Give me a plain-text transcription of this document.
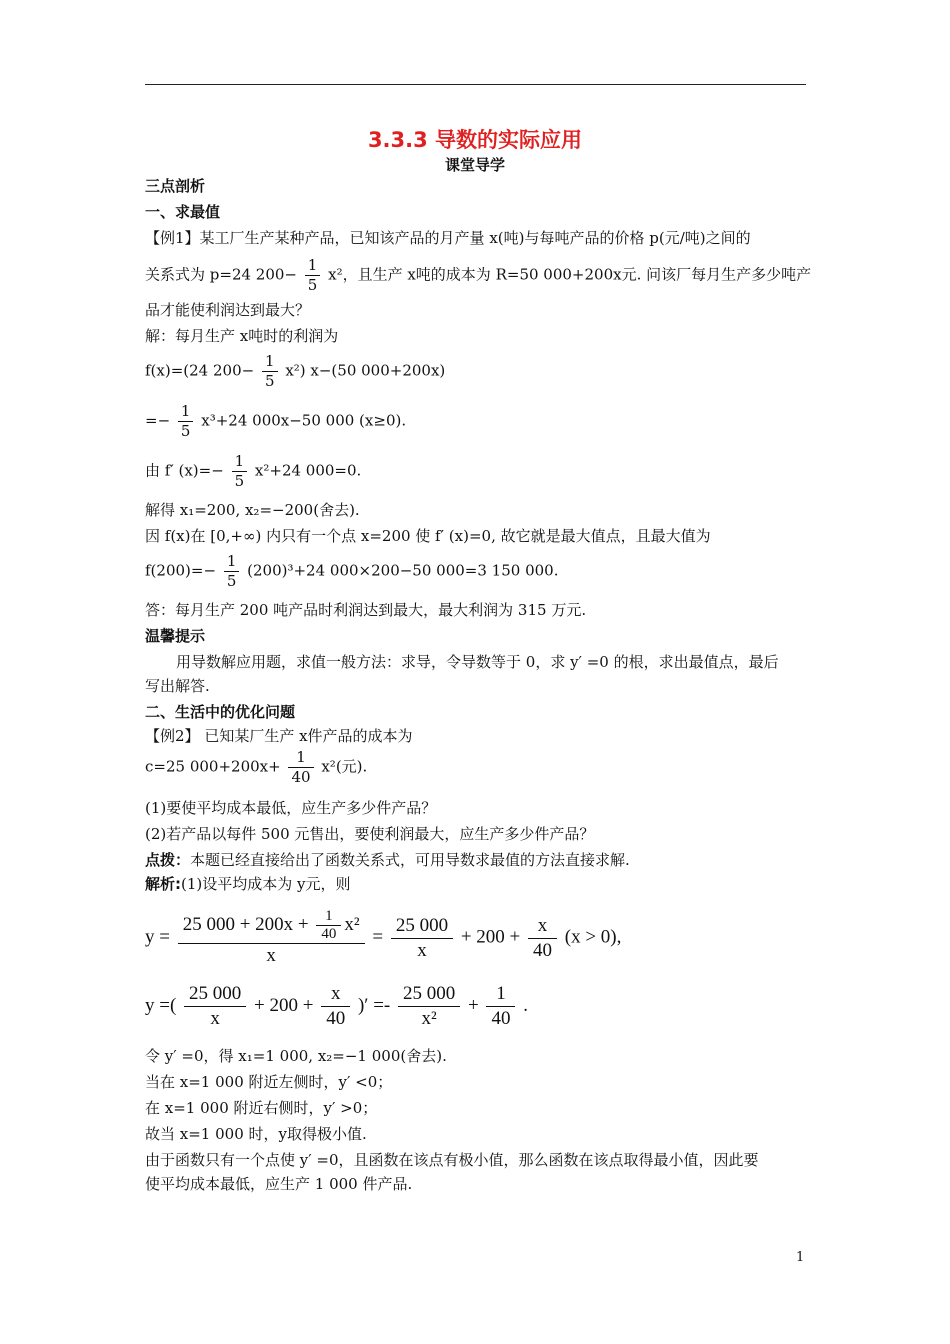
3.3.3 导数的实际应用
课堂导学
三点剖析
一、求最值
【例1】某工厂生产某种产品，已知该产品的月产量 x(吨)与每吨产品的价格 p(元/吨)之间的
关系式为 p=24 $200- \frac{1}{5} x^2$，且生产 x吨的成本为 R=50 000+200x元. 问该厂每月生产多少吨产
品才能使利润达到最大？
解：每月生产 x吨时的利润为
f(x)=(24 $200- \frac{1}{5} x^2$) x−(50 000+200x)
=− $\frac{1}{5} x^3+24$ 000x−50 000 (x≥0).
由 f′ $(x)=- \frac{1}{5} x^2+24$ 000=0.
解得 x₁=200, x₂=−200(舍去).
因 f(x)在 [0,+∞) 内只有一个点 x=200 使 f′ (x)=0, 故它就是最大值点，且最大值为
$f(200)=- \frac{1}{5} (200)^3+24$ 000×200−50 000=3 150 000.
答：每月生产 200 吨产品时利润达到最大，最大利润为 315 万元.
温馨提示
用导数解应用题，求值一般方法：求导，令导数等于 0，求 y′ =0 的根，求出最值点，最后
写出解答.
二、生活中的优化问题
【例2】 已知某厂生产 x件产品的成本为
c=25 $000+200x+ \frac{1}{40} x^2$(元).
(1)要使平均成本最低，应生产多少件产品？
(2)若产品以每件 500 元售出，要使利润最大，应生产多少件产品？
点拨：本题已经直接给出了函数关系式，可用导数求最值的方法直接求解.
解析:(1)设平均成本为 y元，则
$y = \frac{25 000 + 200x + \frac{1}{40} x^2}{x} = \frac{25 000}{x} + 200 + \frac{x}{40} (x > 0)$,
y =( $\frac{25 000}{x} + 200 + \frac{x}{40}$ )′ =- $\frac{25 000}{\text{x²}} + \frac{1}{40}$ .
令 y′ =0，得 x₁=1 000, x₂=−1 000(舍去).
当在 x=1 000 附近左侧时，y′ <0；
在 x=1 000 附近右侧时，y′ >0；
故当 x=1 000 时，y取得极小值.
由于函数只有一个点使 y′ =0，且函数在该点有极小值，那么函数在该点取得最小值，因此要
使平均成本最低，应生产 1 000 件产品.
1
